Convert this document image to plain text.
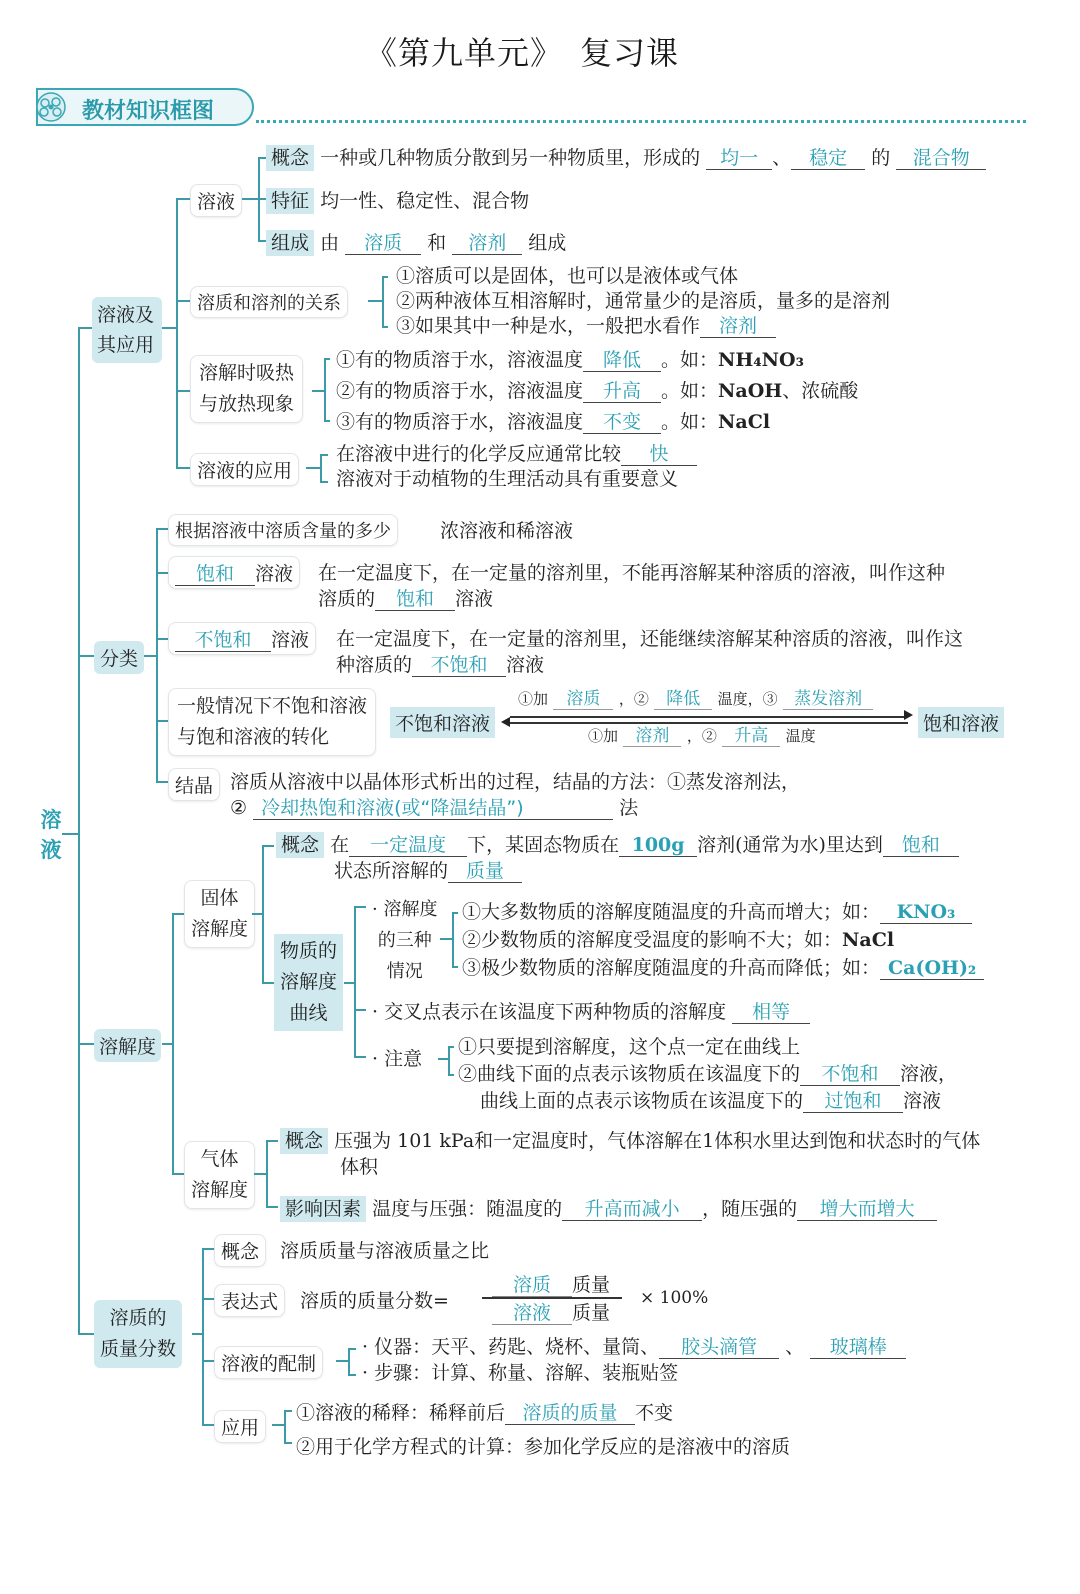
《第九单元》　复习课
教材知识框图
溶液
溶液及
其应用
溶液
概念 一种或几种物质分散到另一种物质里，形成的 均一 、 稳定 的 混合物
特征 均一性、稳定性、混合物
组成 由 溶质 和 溶剂 组成
溶质和溶剂的关系
①溶质可以是固体，也可以是液体或气体
②两种液体互相溶解时，通常量少的是溶质，量多的是溶剂
③如果其中一种是水，一般把水看作 溶剂
溶解时吸热
与放热现象
①有的物质溶于水，溶液温度 降低 。如：NH₄NO₃
②有的物质溶于水，溶液温度 升高 。如：NaOH、浓硫酸
③有的物质溶于水，溶液温度 不变 。如：NaCl
溶液的应用
在溶液中进行的化学反应通常比较 快
溶液对于动植物的生理活动具有重要意义
分类
根据溶液中溶质含量的多少	浓溶液和稀溶液
饱和 溶液	在一定温度下，在一定量的溶剂里，不能再溶解某种溶质的溶液，叫作这种
溶质的 饱和 溶液
不饱和 溶液	在一定温度下，在一定量的溶剂里，还能继续溶解某种溶质的溶液，叫作这
种溶质的 不饱和 溶液
一般情况下不饱和溶液
与饱和溶液的转化
不饱和溶液	饱和溶液
①加 溶质 ，② 降低 温度，③ 蒸发溶剂
①加 溶剂 ，② 升高 温度
结晶 溶质从溶液中以晶体形式析出的过程，结晶的方法：①蒸发溶剂法，
② 冷却热饱和溶液(或“降温结晶”)	法
溶解度
固体
溶解度
概念 在 一定温度 下，某固态物质在 100g 溶剂(通常为水)里达到 饱和
状态所溶解的 质量
物质的
溶解度
曲线
· 溶解度
的三种
情况
①大多数物质的溶解度随温度的升高而增大；如： KNO₃
②少数物质的溶解度受温度的影响不大；如：NaCl
③极少数物质的溶解度随温度的升高而降低；如： Ca(OH)₂
· 交叉点表示在该温度下两种物质的溶解度 相等
· 注意
①只要提到溶解度，这个点一定在曲线上
②曲线下面的点表示该物质在该温度下的 不饱和 溶液，
曲线上面的点表示该物质在该温度下的 过饱和 溶液
气体
溶解度
概念 压强为 101 kPa和一定温度时，气体溶解在1体积水里达到饱和状态时的气体
体积
影响因素 温度与压强：随温度的 升高而减小 ，随压强的 增大而增大
溶质的
质量分数
概念	溶质质量与溶液质量之比
表达式	溶质的质量分数=
溶质 质量
溶液 质量
× 100%
溶液的配制
· 仪器：天平、药匙、烧杯、量筒、 胶头滴管 、 玻璃棒
· 步骤：计算、称量、溶解、装瓶贴签
应用
①溶液的稀释：稀释前后 溶质的质量 不变
②用于化学方程式的计算：参加化学反应的是溶液中的溶质
